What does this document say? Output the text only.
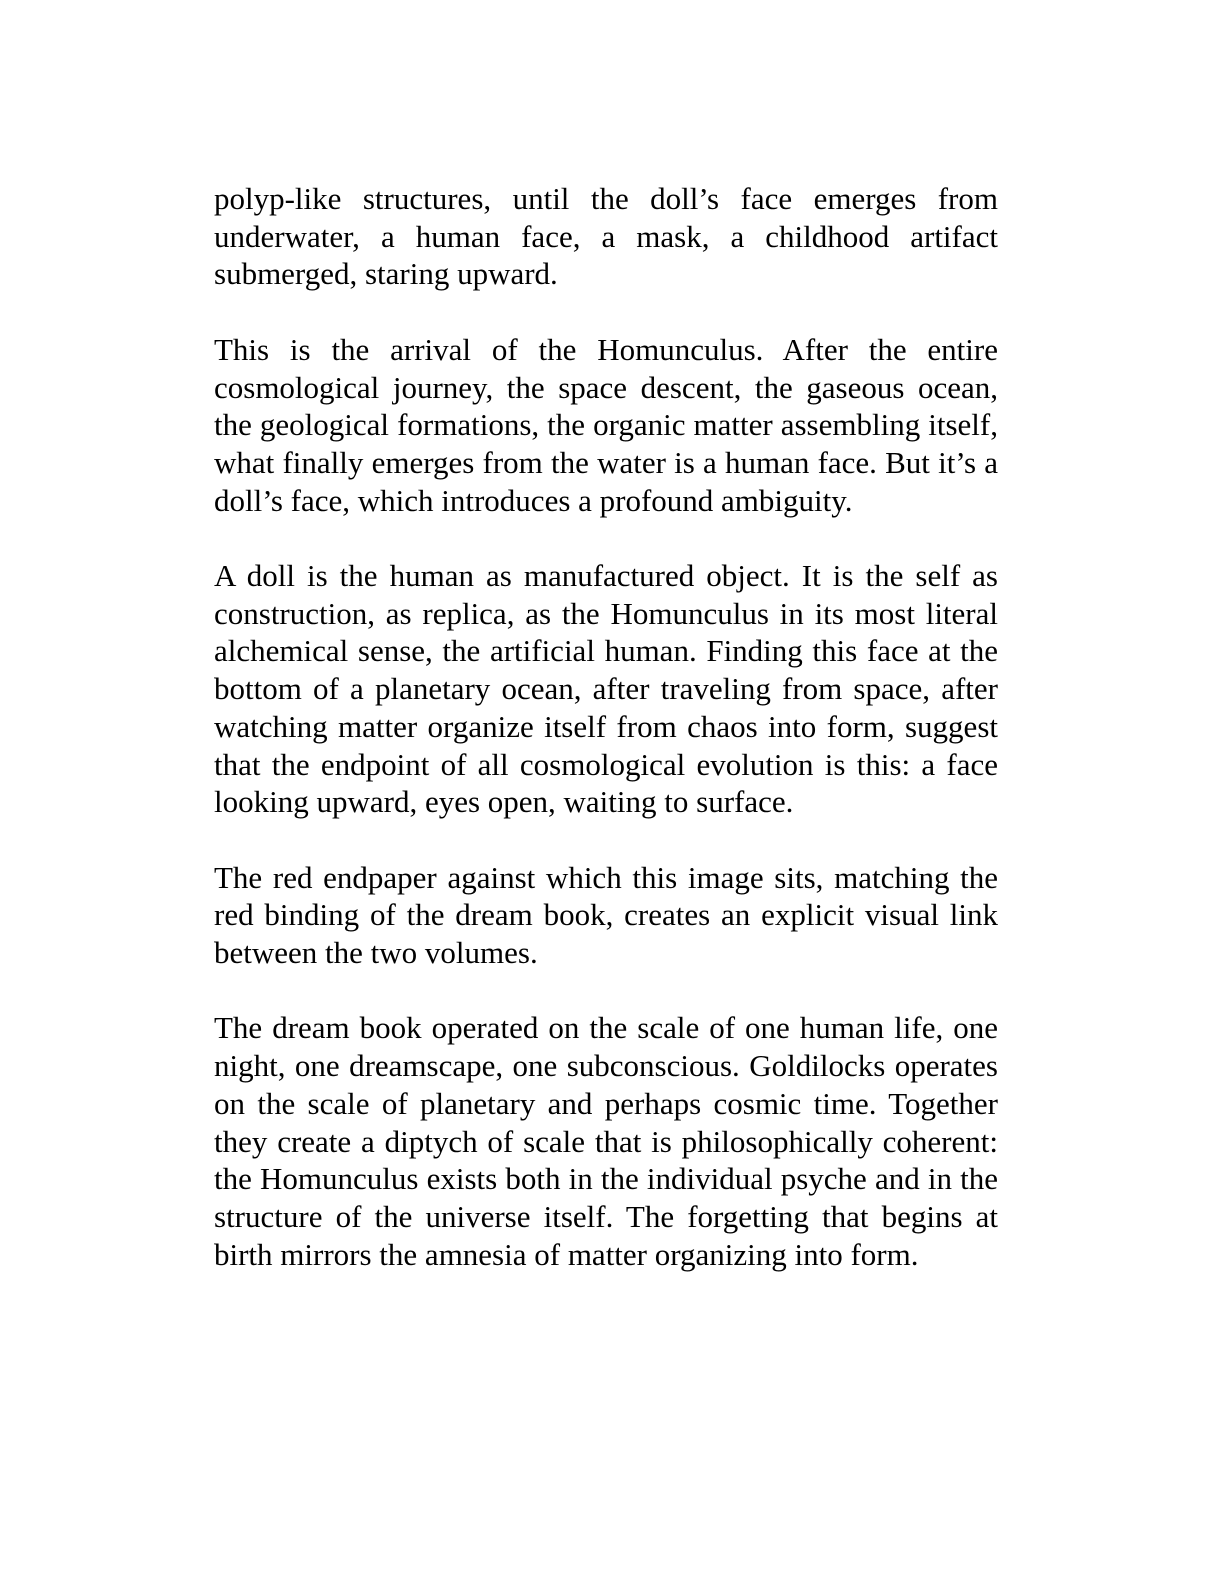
polyp-like structures, until the doll’s face emerges from underwater, a human face, a mask, a childhood artifact submerged, staring upward.

This is the arrival of the Homunculus. After the entire cosmological journey, the space descent, the gaseous ocean, the geological formations, the organic matter assembling itself, what finally emerges from the water is a human face. But it’s a doll’s face, which introduces a profound ambiguity.

A doll is the human as manufactured object. It is the self as construction, as replica, as the Homunculus in its most literal alchemical sense, the artificial human. Finding this face at the bottom of a planetary ocean, after traveling from space, after watching matter organize itself from chaos into form, suggest that the endpoint of all cosmological evolution is this: a face looking upward, eyes open, waiting to surface.

The red endpaper against which this image sits, matching the red binding of the dream book, creates an explicit visual link between the two volumes.

The dream book operated on the scale of one human life, one night, one dreamscape, one subconscious. Goldilocks operates on the scale of planetary and perhaps cosmic time. Together they create a diptych of scale that is philosophically coherent: the Homunculus exists both in the individual psyche and in the structure of the universe itself. The forgetting that begins at birth mirrors the amnesia of matter organizing into form.
